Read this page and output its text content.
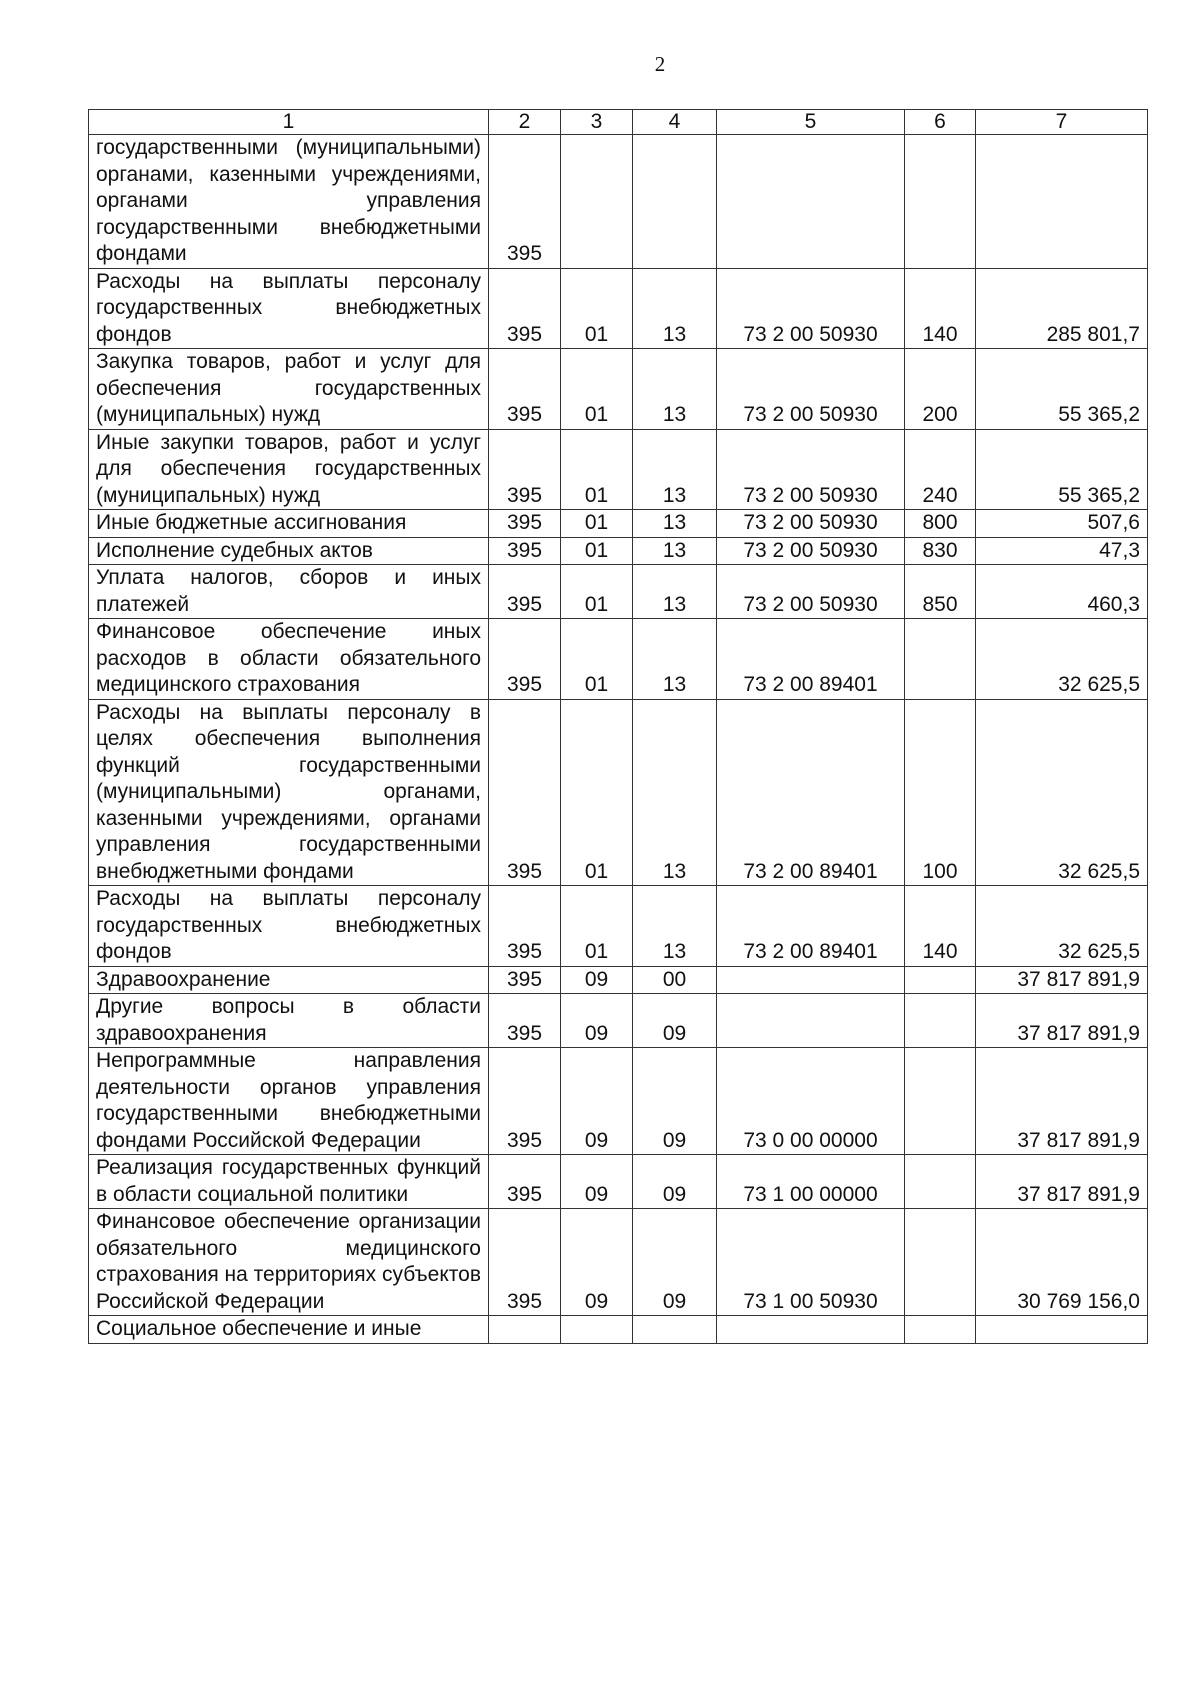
2
1	2	3	4	5	6	7
государственными (муниципальными) органами, казенными учреждениями, органами управления государственными внебюджетными фондами	395					
Расходы на выплаты персоналу государственных внебюджетных фондов	395	01	13	73 2 00 50930	140	285 801,7
Закупка товаров, работ и услуг для обеспечения государственных (муниципальных) нужд	395	01	13	73 2 00 50930	200	55 365,2
Иные закупки товаров, работ и услуг для обеспечения государственных (муниципальных) нужд	395	01	13	73 2 00 50930	240	55 365,2
Иные бюджетные ассигнования	395	01	13	73 2 00 50930	800	507,6
Исполнение судебных актов	395	01	13	73 2 00 50930	830	47,3
Уплата налогов, сборов и иных платежей	395	01	13	73 2 00 50930	850	460,3
Финансовое обеспечение иных расходов в области обязательного медицинского страхования	395	01	13	73 2 00 89401		32 625,5
Расходы на выплаты персоналу в целях обеспечения выполнения функций государственными (муниципальными) органами, казенными учреждениями, органами управления государственными внебюджетными фондами	395	01	13	73 2 00 89401	100	32 625,5
Расходы на выплаты персоналу государственных внебюджетных фондов	395	01	13	73 2 00 89401	140	32 625,5
Здравоохранение	395	09	00			37 817 891,9
Другие вопросы в области здравоохранения	395	09	09			37 817 891,9
Непрограммные направления деятельности органов управления государственными внебюджетными фондами Российской Федерации	395	09	09	73 0 00 00000		37 817 891,9
Реализация государственных функций в области социальной политики	395	09	09	73 1 00 00000		37 817 891,9
Финансовое обеспечение организации обязательного медицинского страхования на территориях субъектов Российской Федерации	395	09	09	73 1 00 50930		30 769 156,0
Социальное обеспечение и иные						
